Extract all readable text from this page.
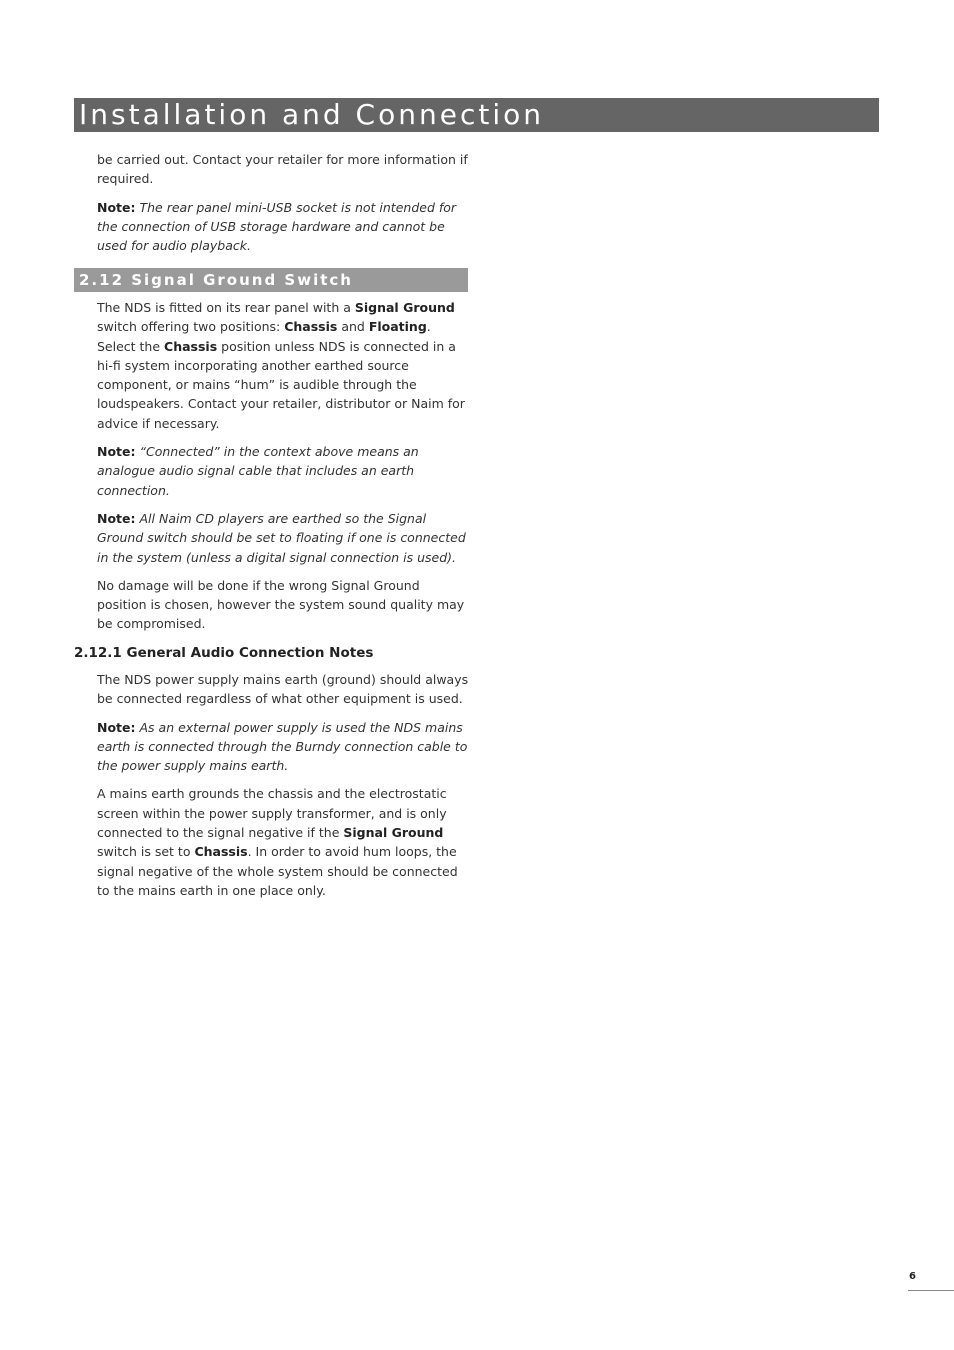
Installation and Connection

be carried out. Contact your retailer for more information if required.

Note: The rear panel mini-USB socket is not intended for the connection of USB storage hardware and cannot be used for audio playback.

2.12 Signal Ground Switch

The NDS is fitted on its rear panel with a Signal Ground switch offering two positions: Chassis and Floating. Select the Chassis position unless NDS is connected in a hi-fi system incorporating another earthed source component, or mains “hum” is audible through the loudspeakers. Contact your retailer, distributor or Naim for advice if necessary.

Note: “Connected” in the context above means an analogue audio signal cable that includes an earth connection.

Note: All Naim CD players are earthed so the Signal Ground switch should be set to floating if one is connected in the system (unless a digital signal connection is used).

No damage will be done if the wrong Signal Ground position is chosen, however the system sound quality may be compromised.

2.12.1 General Audio Connection Notes

The NDS power supply mains earth (ground) should always be connected regardless of what other equipment is used.

Note: As an external power supply is used the NDS mains earth is connected through the Burndy connection cable to the power supply mains earth.

A mains earth grounds the chassis and the electrostatic screen within the power supply transformer, and is only connected to the signal negative if the Signal Ground switch is set to Chassis. In order to avoid hum loops, the signal negative of the whole system should be connected to the mains earth in one place only.

6
